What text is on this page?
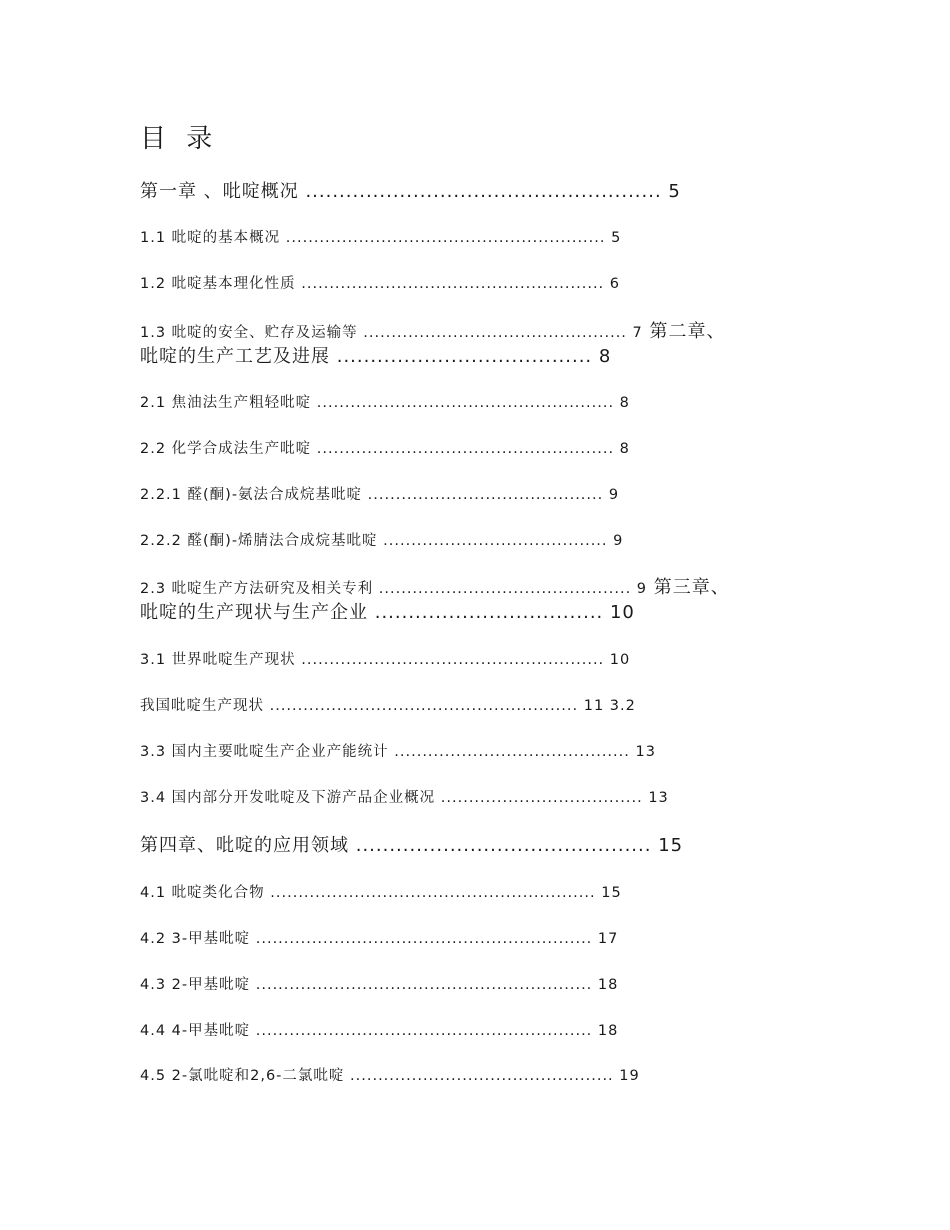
目 录
第一章 、吡啶概况 ..................................................... 5
1.1 吡啶的基本概况 ......................................................... 5
1.2 吡啶基本理化性质 ...................................................... 6
1.3 吡啶的安全、贮存及运输等 ............................................... 7 第二章、
吡啶的生产工艺及进展 ...................................... 8
2.1 焦油法生产粗轻吡啶 ..................................................... 8
2.2 化学合成法生产吡啶 ..................................................... 8
2.2.1 醛(酮)-氨法合成烷基吡啶 .......................................... 9
2.2.2 醛(酮)-烯腈法合成烷基吡啶 ........................................ 9
2.3 吡啶生产方法研究及相关专利 ............................................. 9 第三章、
吡啶的生产现状与生产企业 .................................. 10
3.1 世界吡啶生产现状 ...................................................... 10
我国吡啶生产现状 ....................................................... 11 3.2
3.3 国内主要吡啶生产企业产能统计 .......................................... 13
3.4 国内部分开发吡啶及下游产品企业概况 .................................... 13
第四章、吡啶的应用领域 ............................................ 15
4.1 吡啶类化合物 .......................................................... 15
4.2 3-甲基吡啶 ............................................................ 17
4.3 2-甲基吡啶 ............................................................ 18
4.4 4-甲基吡啶 ............................................................ 18
4.5 2-氯吡啶和2,6-二氯吡啶 ............................................... 19
